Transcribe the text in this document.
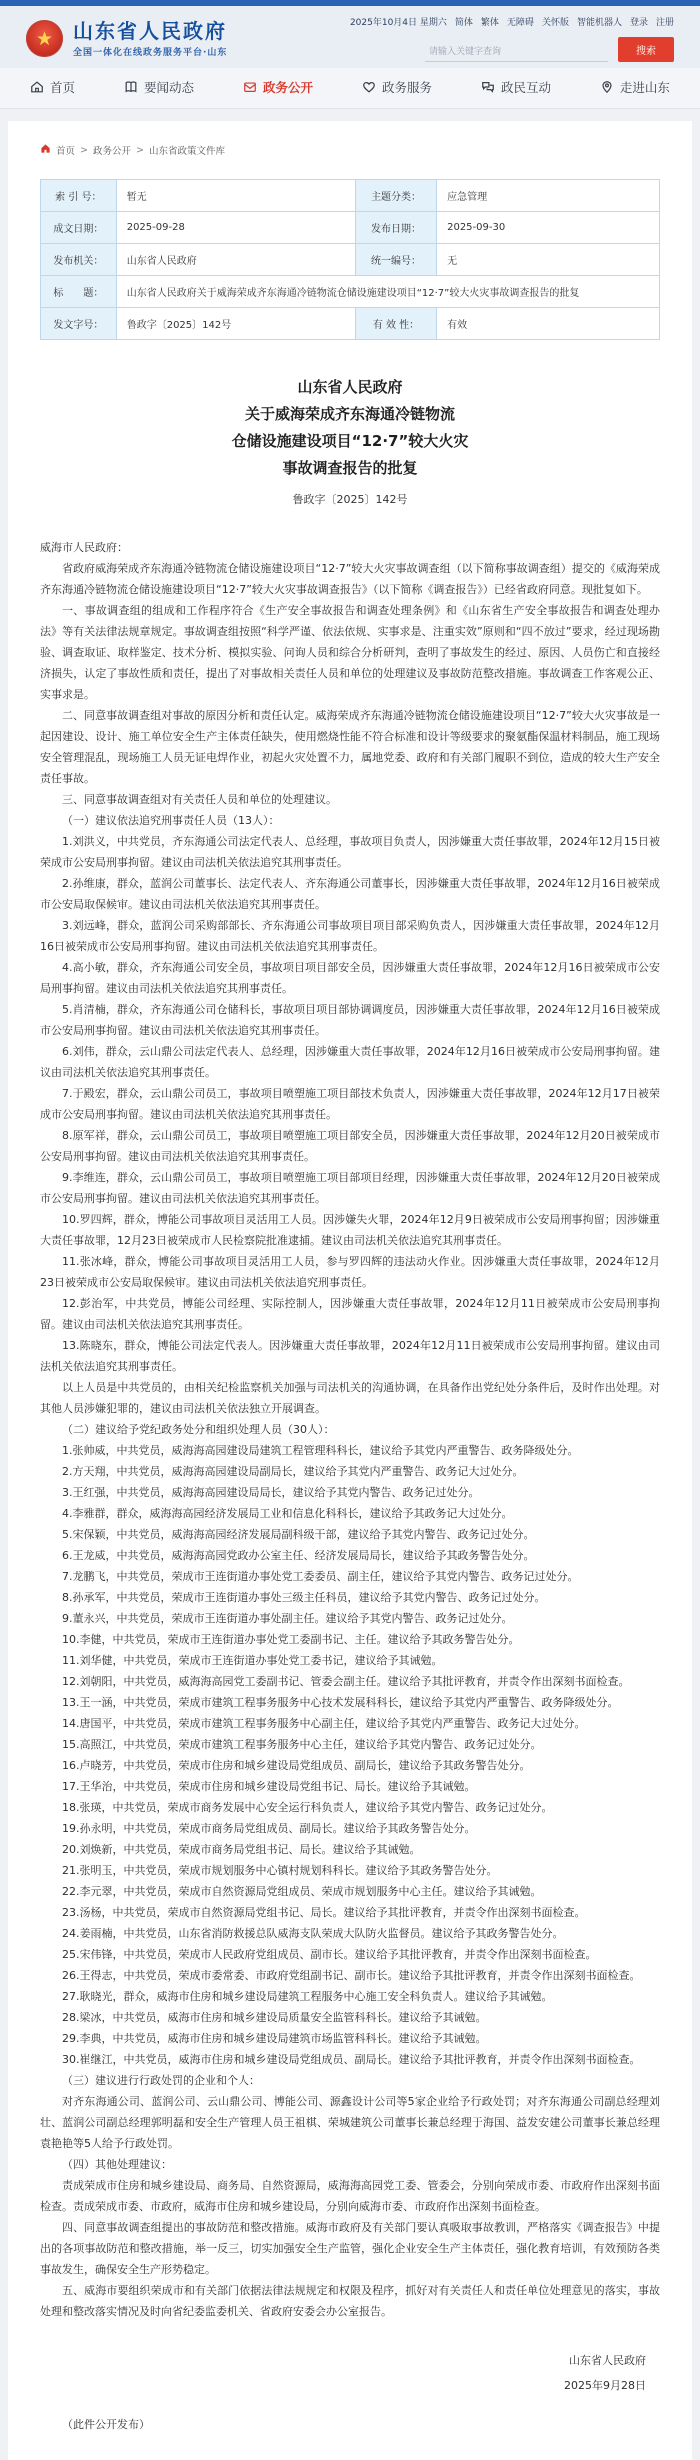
★ 山东省人民政府
全国一体化在线政务服务平台·山东
2025年10月4日 星期六 简体 繁体 无障碍 关怀版 智能机器人 登录 注册
请输入关键字查询
搜索
首页	要闻动态	政务公开	政务服务	政民互动	走进山东
首页 > 政务公开 > 山东省政策文件库
索 引 号：	暂无	主题分类：	应急管理
成文日期：	2025-09-28	发布日期：	2025-09-30
发布机关：	山东省人民政府	统一编号：	无
标　　题：	山东省人民政府关于威海荣成齐东海通冷链物流仓储设施建设项目“12·7”较大火灾事故调查报告的批复		
发文字号：	鲁政字〔2025〕142号	有 效 性：	有效
山东省人民政府
关于威海荣成齐东海通冷链物流
仓储设施建设项目“12·7”较大火灾
事故调查报告的批复
鲁政字〔2025〕142号

威海市人民政府：

省政府威海荣成齐东海通冷链物流仓储设施建设项目“12·7”较大火灾事故调查组（以下简称事故调查组）提交的《威海荣成齐东海通冷链物流仓储设施建设项目“12·7”较大火灾事故调查报告》（以下简称《调查报告》）已经省政府同意。现批复如下。

一、事故调查组的组成和工作程序符合《生产安全事故报告和调查处理条例》和《山东省生产安全事故报告和调查处理办法》等有关法律法规章规定。事故调查组按照“科学严谨、依法依规、实事求是、注重实效”原则和“四不放过”要求，经过现场勘验、调查取证、取样鉴定、技术分析、模拟实验、问询人员和综合分析研判，查明了事故发生的经过、原因、人员伤亡和直接经济损失，认定了事故性质和责任，提出了对事故相关责任人员和单位的处理建议及事故防范整改措施。事故调查工作客观公正、实事求是。

二、同意事故调查组对事故的原因分析和责任认定。威海荣成齐东海通冷链物流仓储设施建设项目“12·7”较大火灾事故是一起因建设、设计、施工单位安全生产主体责任缺失，使用燃烧性能不符合标准和设计等级要求的聚氨酯保温材料制品，施工现场安全管理混乱，现场施工人员无证电焊作业，初起火灾处置不力，属地党委、政府和有关部门履职不到位，造成的较大生产安全责任事故。

三、同意事故调查组对有关责任人员和单位的处理建议。

（一）建议依法追究刑事责任人员（13人）：

1.刘洪义，中共党员，齐东海通公司法定代表人、总经理，事故项目负责人，因涉嫌重大责任事故罪，2024年12月15日被荣成市公安局刑事拘留。建议由司法机关依法追究其刑事责任。

2.孙维康，群众，蓝润公司董事长、法定代表人、齐东海通公司董事长，因涉嫌重大责任事故罪，2024年12月16日被荣成市公安局取保候审。建议由司法机关依法追究其刑事责任。

3.刘远峰，群众，蓝润公司采购部部长、齐东海通公司事故项目项目部采购负责人，因涉嫌重大责任事故罪，2024年12月16日被荣成市公安局刑事拘留。建议由司法机关依法追究其刑事责任。

4.高小敏，群众，齐东海通公司安全员，事故项目项目部安全员，因涉嫌重大责任事故罪，2024年12月16日被荣成市公安局刑事拘留。建议由司法机关依法追究其刑事责任。

5.肖清楠，群众，齐东海通公司仓储科长，事故项目项目部协调调度员，因涉嫌重大责任事故罪，2024年12月16日被荣成市公安局刑事拘留。建议由司法机关依法追究其刑事责任。

6.刘伟，群众，云山鼎公司法定代表人、总经理，因涉嫌重大责任事故罪，2024年12月16日被荣成市公安局刑事拘留。建议由司法机关依法追究其刑事责任。

7.于殿宏，群众，云山鼎公司员工，事故项目喷塑施工项目部技术负责人，因涉嫌重大责任事故罪，2024年12月17日被荣成市公安局刑事拘留。建议由司法机关依法追究其刑事责任。

8.原军祥，群众，云山鼎公司员工，事故项目喷塑施工项目部安全员，因涉嫌重大责任事故罪，2024年12月20日被荣成市公安局刑事拘留。建议由司法机关依法追究其刑事责任。

9.李维连，群众，云山鼎公司员工，事故项目喷塑施工项目部项目经理，因涉嫌重大责任事故罪，2024年12月20日被荣成市公安局刑事拘留。建议由司法机关依法追究其刑事责任。

10.罗四辉，群众，博能公司事故项目灵活用工人员。因涉嫌失火罪，2024年12月9日被荣成市公安局刑事拘留；因涉嫌重大责任事故罪，12月23日被荣成市人民检察院批准逮捕。建议由司法机关依法追究其刑事责任。

11.张冰峰，群众，博能公司事故项目灵活用工人员，参与罗四辉的违法动火作业。因涉嫌重大责任事故罪，2024年12月23日被荣成市公安局取保候审。建议由司法机关依法追究刑事责任。

12.彭治军，中共党员，博能公司经理、实际控制人，因涉嫌重大责任事故罪，2024年12月11日被荣成市公安局刑事拘留。建议由司法机关依法追究其刑事责任。

13.陈晓东，群众，博能公司法定代表人。因涉嫌重大责任事故罪，2024年12月11日被荣成市公安局刑事拘留。建议由司法机关依法追究其刑事责任。

以上人员是中共党员的，由相关纪检监察机关加强与司法机关的沟通协调，在具备作出党纪处分条件后，及时作出处理。对其他人员涉嫌犯罪的，建议由司法机关依法独立开展调查。

（二）建议给予党纪政务处分和组织处理人员（30人）：

1.张帅威，中共党员，威海海高园建设局建筑工程管理科科长，建议给予其党内严重警告、政务降级处分。

2.方天翔，中共党员，威海海高园建设局副局长，建议给予其党内严重警告、政务记大过处分。

3.王红强，中共党员，威海海高园建设局局长，建议给予其党内警告、政务记过处分。

4.李雅群，群众，威海海高园经济发展局工业和信息化科科长，建议给予其政务记大过处分。

5.宋保颖，中共党员，威海海高园经济发展局副科级干部，建议给予其党内警告、政务记过处分。

6.王龙威，中共党员，威海海高园党政办公室主任、经济发展局局长，建议给予其政务警告处分。

7.龙鹏飞，中共党员，荣成市王连街道办事处党工委委员、副主任，建议给予其党内警告、政务记过处分。

8.孙承军，中共党员，荣成市王连街道办事处三级主任科员，建议给予其党内警告、政务记过处分。

9.董永兴，中共党员，荣成市王连街道办事处副主任。建议给予其党内警告、政务记过处分。

10.李健，中共党员，荣成市王连街道办事处党工委副书记、主任。建议给予其政务警告处分。

11.刘华健，中共党员，荣成市王连街道办事处党工委书记，建议给予其诫勉。

12.刘朝阳，中共党员，威海海高园党工委副书记、管委会副主任。建议给予其批评教育，并责令作出深刻书面检查。

13.王一涵，中共党员，荣成市建筑工程事务服务中心技术发展科科长，建议给予其党内严重警告、政务降级处分。

14.唐国平，中共党员，荣成市建筑工程事务服务中心副主任，建议给予其党内严重警告、政务记大过处分。

15.高照江，中共党员，荣成市建筑工程事务服务中心主任，建议给予其党内警告、政务记过处分。

16.卢晓芳，中共党员，荣成市住房和城乡建设局党组成员、副局长，建议给予其政务警告处分。

17.王华治，中共党员，荣成市住房和城乡建设局党组书记、局长。建议给予其诫勉。

18.张瑛，中共党员，荣成市商务发展中心安全运行科负责人，建议给予其党内警告、政务记过处分。

19.孙永明，中共党员，荣成市商务局党组成员、副局长。建议给予其政务警告处分。

20.刘焕新，中共党员，荣成市商务局党组书记、局长。建议给予其诫勉。

21.张明玉，中共党员，荣成市规划服务中心镇村规划科科长。建议给予其政务警告处分。

22.李元翠，中共党员，荣成市自然资源局党组成员、荣成市规划服务中心主任。建议给予其诫勉。

23.汤杨，中共党员，荣成市自然资源局党组书记、局长。建议给予其批评教育，并责令作出深刻书面检查。

24.姜雨楠，中共党员，山东省消防救援总队威海支队荣成大队防火监督员。建议给予其政务警告处分。

25.宋伟锋，中共党员，荣成市人民政府党组成员、副市长。建议给予其批评教育，并责令作出深刻书面检查。

26.王得志，中共党员，荣成市委常委、市政府党组副书记、副市长。建议给予其批评教育，并责令作出深刻书面检查。

27.耿晓光，群众，威海市住房和城乡建设局建筑工程服务中心施工安全科负责人。建议给予其诫勉。

28.梁冰，中共党员，威海市住房和城乡建设局质量安全监管科科长。建议给予其诫勉。

29.李典，中共党员，威海市住房和城乡建设局建筑市场监管科科长。建议给予其诫勉。

30.崔继江，中共党员，威海市住房和城乡建设局党组成员、副局长。建议给予其批评教育，并责令作出深刻书面检查。

（三）建议进行行政处罚的企业和个人：

对齐东海通公司、蓝润公司、云山鼎公司、博能公司、源鑫设计公司等5家企业给予行政处罚；对齐东海通公司副总经理刘壮、蓝润公司副总经理郭明磊和安全生产管理人员王祖棋、荣城建筑公司董事长兼总经理于海国、益发安建公司董事长兼总经理袁艳艳等5人给予行政处罚。

（四）其他处理建议：

责成荣成市住房和城乡建设局、商务局、自然资源局，威海海高园党工委、管委会，分别向荣成市委、市政府作出深刻书面检查。责成荣成市委、市政府，威海市住房和城乡建设局，分别向威海市委、市政府作出深刻书面检查。

四、同意事故调查组提出的事故防范和整改措施。威海市政府及有关部门要认真吸取事故教训，严格落实《调查报告》中提出的各项事故防范和整改措施，举一反三，切实加强安全生产监管，强化企业安全生产主体责任，强化教育培训，有效预防各类事故发生，确保安全生产形势稳定。

五、威海市要组织荣成市和有关部门依据法律法规规定和权限及程序，抓好对有关责任人和责任单位处理意见的落实，事故处理和整改落实情况及时向省纪委监委机关、省政府安委会办公室报告。

山东省人民政府
2025年9月28日

（此件公开发布）
